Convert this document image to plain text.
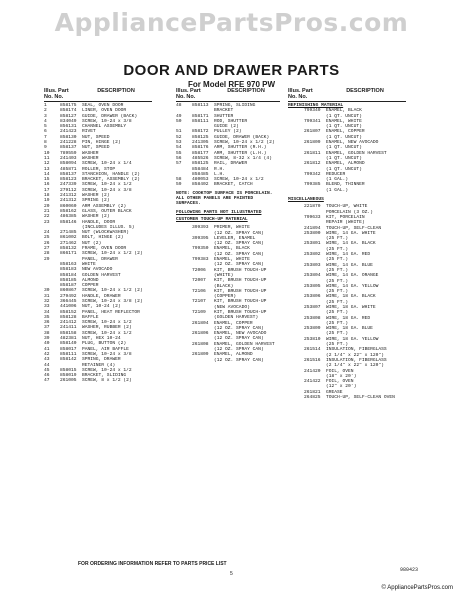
AppliancePartsPros.com
DOOR AND DRAWER PARTS
For Model RFE 970 PW
Illus. Part
No. No.
DESCRIPTION
1	858175	SEAL, OVEN DOOR
2	858174	LINER, OVEN DOOR
3	858127	GUIDE, DRAWER (BACK)
4	834049	SCREW, 10-24 x 3/8
5	856131	CHANNEL ASSEMBLY
6	241423	RIVET
7	858130	NUT, SPEED
8	241228	PIN, HINGE (2)
9	858137	NUT, SPEED
10	789559	WASHER
11	241403	WASHER
12	858094	SCREW, 10-24 x 1/4
13	485871	ROLLER, STOP
14	858137	STANCHION, HANDLE (2)
15	858123	BRACKET, ASSEMBLY (2)
16	247339	SCREW, 10-24 x 1/2
17	279112	SCREW, 10-24 x 3/8
18	241312	WASHER (2)
19	241312	SPRING (2)
20	860060	ARM ASSEMBLY (2)
21	858162	GLASS, OUTER BLACK
22	486385	WASHER (2)
23	858146	HANDLE, DOOR
(INCLUDES ILLUS. 5)
24	271485	NUT (WLOCKWASHER)
25	861002	BOLT, HINGE (2)
26	271462	NUT (2)
27	858132	FRAME, OVEN DOOR
28	866171	SCREW, 10-24 x 1/2 (2)
29	PANEL, DRAWER
858163	WHITE
858183	NEW AVOCADO
858184	GOLDEN HARVEST
858185	ALMOND
858187	COPPER
30	860867	SCREW, 10-24 x 1/2 (2)
31	279492	HANDLE, DRAWER
32	366445	SCREW, 10-24 x 3/8 (2)
33	441006	NUT, 10-24 (2)
34	858152	PANEL, HEAT REFLECTOR
35	858128	BAFFLE
36	241412	SCREW, 10-24 x 1/2
37	241411	WASHER, RUBBER (2)
38	858158	SCREW, 10-24 x 1/2
39	482381	NUT, HEX 10-24
40	858140	PLUG, BUTTON (2)
41	858017	PANEL, AIR BAFFLE
42	858111	SCREW, 10-24 x 3/8
43	858142	SPRING, DRAWER
44	RETAINER (4)
45	858015	SCREW, 10-24 x 1/2
46	858019	BRACKET, SLIDING
47	261005	SCREW, 8 x 1/2 (2)
Illus. Part
No. No.
DESCRIPTION
48	858113	SPRING, SLIDING
BRACKET
49	858171	SHUTTER
50	858111	ROD, SHUTTER
GUIDE (2)
51	858172	PULLEY (2)
52	858125	GUIDE, DRAWER (BACK)
53	241305	SCREW, 10-24 x 1/2 (2)
54	858176	ARM, SHUTTER (R.H.)
55	858177	ARM, SHUTTER (L.H.)
56	485526	SCREW, 8-32 x 1/4 (4)
57	858125	RAIL, DRAWER
858484	R.H.
858485	L.H.
58	480053	SCREW, 10-24 x 1/2
59	858402	BRACKET, CATCH
NOTE: COOKTOP SURFACE IS PORCELAIN. ALL OTHER PANELS ARE PAINTED SURFACES.
FOLLOWING PARTS NOT ILLUSTRATED
CUSTOMER TOUCH-UP MATERIAL
399393	PRIMER, WHITE
(12 OZ. SPRAY CAN)
399395	LEVELER, ENAMEL
(12 OZ. SPRAY CAN)
799350	ENAMEL, BLACK
(12 OZ. SPRAY CAN)
799383	ENAMEL, WHITE
(12 OZ. SPRAY CAN)
72006	KIT, BRUSH TOUCH-UP
(WHITE)
72007	KIT, BRUSH TOUCH-UP
(BLACK)
72106	KIT, BRUSH TOUCH-UP
(COPPER)
72107	KIT, BRUSH TOUCH-UP
(NEW AVOCADO)
72109	KIT, BRUSH TOUCH-UP
(GOLDEN HARVEST)
261804	ENAMEL, COPPER
(12 OZ. SPRAY CAN)
261806	ENAMEL, NEW AVOCADO
(12 OZ. SPRAY CAN)
261808	ENAMEL, GOLDEN HARVEST
(12 OZ. SPRAY CAN)
261809	ENAMEL, ALMOND
(12 OZ. SPRAY CAN)
Illus. Part
No. No.
DESCRIPTION
REFINISHING MATERIAL
799340	ENAMEL, BLACK
(1 QT. UNCUT)
799341	ENAMEL, WHITE
(1 QT. UNCUT)
261807	ENAMEL, COPPER
(1 QT. UNCUT)
261809	ENAMEL, NEW AVOCADO
(1 QT. UNCUT)
261811	ENAMEL, GOLDEN HARVEST
(1 QT. UNCUT)
261812	ENAMEL, ALMOND
(1 QT. UNCUT)
799342	REDUCER
(1 GAL.)
799385	BLEND, THINNER
(1 GAL.)
MISCELLANEOUS
221870	TOUCH-UP, WHITE
PORCELAIN (3 OZ.)
799633	KIT, PORCELAIN
REPAIR (WHITE)
241894	TOUCH-UP, SELF-CLEAN
253800	WIRE, 14 GA. WHITE
(25 FT.)
253801	WIRE, 14 GA. BLACK
(25 FT.)
253802	WIRE, 14 GA. RED
(25 FT.)
253803	WIRE, 14 GA. BLUE
(25 FT.)
253804	WIRE, 14 GA. ORANGE
(25 FT.)
253805	WIRE, 14 GA. YELLOW
(25 FT.)
253806	WIRE, 18 GA. BLACK
(25 FT.)
253807	WIRE, 18 GA. WHITE
(25 FT.)
253808	WIRE, 18 GA. RED
(25 FT.)
253809	WIRE, 18 GA. BLUE
(25 FT.)
253810	WIRE, 18 GA. YELLOW
(25 FT.)
261514	INSULATION, FIBERGLASS
(2 1/4" x 22" x 120")
261516	INSULATION, FIBERGLASS
(2 1/4" x 22" x 120")
241420	FOIL, OVEN
(18" x 20')
241422	FOIL, OVEN
(12" x 20')
261821	GREASE
264825	TOUCH-UP, SELF-CLEAN OVEN
FOR ORDERING INFORMATION REFER TO PARTS PRICE LIST
5
980423
© AppliancePartsPros.com
